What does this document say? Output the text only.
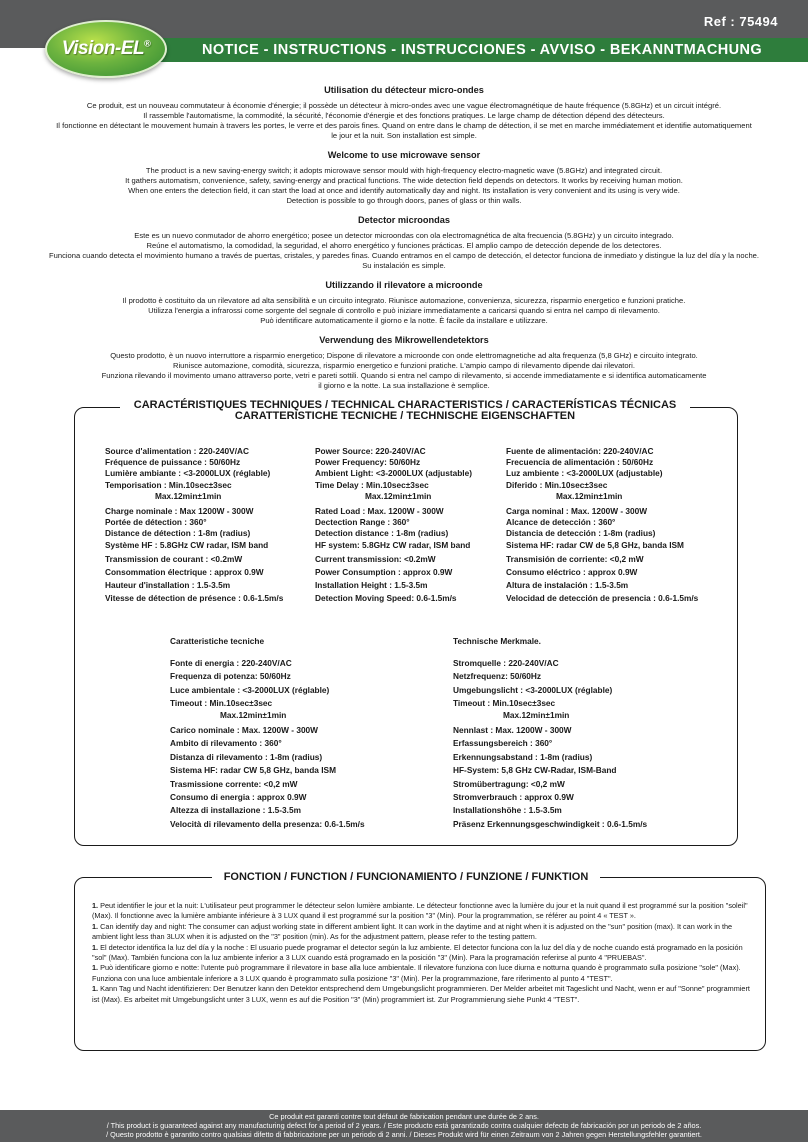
Ref : 75494
NOTICE - INSTRUCTIONS - INSTRUCCIONES - AVVISO - BEKANNTMACHUNG
Vision-EL®
Utilisation du détecteur micro-ondes

Ce produit, est un nouveau commutateur à économie d'énergie; il possède un détecteur à micro-ondes avec une vague électromagnétique de haute fréquence (5.8GHz) et un circuit intégré.

Il rassemble l'automatisme, la commodité, la sécurité, l'économie d'énergie et des fonctions pratiques. Le large champ de détection dépend des détecteurs.

Il fonctionne en détectant le mouvement humain à travers les portes, le verre et des parois fines. Quand on entre dans le champ de détection, il se met en marche immédiatement et identifie automatiquement

le jour et la nuit. Son installation est simple.

Welcome to use microwave sensor

The product is a new saving-energy switch; it adopts microwave sensor mould with high-frequency electro-magnetic wave (5.8GHz) and integrated circuit.

It gathers automatism, convenience, safety, saving-energy and practical functions. The wide detection field depends on detectors. It works by receiving human motion.

When one enters the detection field, it can start the load at once and identify automatically day and night. Its installation is very convenient and its using is very wide.

Detection is possible to go through doors, panes of glass or thin walls.

Detector microondas

Este es un nuevo conmutador de ahorro energético; posee un detector microondas con ola electromagnética de alta frecuencia (5.8GHz) y un circuito integrado.

Reúne el automatismo, la comodidad, la seguridad, el ahorro energético y funciones prácticas. El amplio campo de detección depende de los detectores.

Funciona cuando detecta el movimiento humano a través de puertas, cristales, y paredes finas. Cuando entramos en el campo de detección, el detector funciona de inmediato y distingue la luz del día y la noche.

Su instalación es simple.

Utilizzando il rilevatore a microonde

Il prodotto è costituito da un rilevatore ad alta sensibilità e un circuito integrato. Riunisce automazione, convenienza, sicurezza, risparmio energetico e funzioni pratiche.

Utilizza l'energia a infrarossi come sorgente del segnale di controllo e può iniziare immediatamente a caricarsi quando si entra nel campo di rilevamento.

Può identificare automaticamente il giorno e la notte. È facile da installare e utilizzare.

Verwendung des Mikrowellendetektors

Questo prodotto, è un nuovo interruttore a risparmio energetico; Dispone di rilevatore a microonde con onde elettromagnetiche ad alta frequenza (5,8 GHz) e circuito integrato.

Riunisce automazione, comodità, sicurezza, risparmio energetico e funzioni pratiche. L'ampio campo di rilevamento dipende dai rilevatori.

Funziona rilevando il movimento umano attraverso porte, vetri e pareti sottili. Quando si entra nel campo di rilevamento, si accende immediatamente e si identifica automaticamente

il giorno e la notte. La sua installazione è semplice.

CARACTÉRISTIQUES TECHNIQUES / TECHNICAL CHARACTERISTICS / CARACTERÍSTICAS TÉCNICAS
CARATTERISTICHE TECNICHE / TECHNISCHE EIGENSCHAFTEN
Source d'alimentation : 220-240V/AC
Fréquence de puissance : 50/60Hz
Lumière ambiante : <3-2000LUX (réglable)
Temporisation : Min.10sec±3sec
Max.12min±1min
Charge nominale : Max 1200W - 300W
Portée de détection : 360°
Distance de détection : 1-8m (radius)
Système HF : 5.8GHz CW radar, ISM band
Transmission de courant : <0.2mW
Consommation électrique : approx 0.9W
Hauteur d'installation : 1.5-3.5m
Vitesse de détection de présence : 0.6-1.5m/s
Power Source: 220-240V/AC
Power Frequency: 50/60Hz
Ambient Light: <3-2000LUX (adjustable)
Time Delay : Min.10sec±3sec
Max.12min±1min
Rated Load : Max. 1200W - 300W
Dectection Range : 360°
Detection distance : 1-8m (radius)
HF system: 5.8GHz CW radar, ISM band
Current transmission: <0.2mW
Power Consumption : approx 0.9W
Installation Height : 1.5-3.5m
Detection Moving Speed: 0.6-1.5m/s
Fuente de alimentación: 220-240V/AC
Frecuencia de alimentación : 50/60Hz
Luz ambiente : <3-2000LUX (adjustable)
Diferido : Min.10sec±3sec
Max.12min±1min
Carga nominal : Max. 1200W - 300W
Alcance de detección : 360°
Distancia de detección : 1-8m (radius)
Sistema HF: radar CW de 5,8 GHz, banda ISM
Transmisión de corriente: <0,2 mW
Consumo eléctrico : approx 0.9W
Altura de instalación : 1.5-3.5m
Velocidad de detección de presencia : 0.6-1.5m/s
Caratteristiche tecniche
Fonte di energia : 220-240V/AC
Frequenza di potenza: 50/60Hz
Luce ambientale : <3-2000LUX (réglable)
Timeout : Min.10sec±3sec
Max.12min±1min
Carico nominale : Max. 1200W - 300W
Ambito di rilevamento : 360°
Distanza di rilevamento : 1-8m (radius)
Sistema HF: radar CW 5,8 GHz, banda ISM
Trasmissione corrente: <0,2 mW
Consumo di energia : approx 0.9W
Altezza di installazione : 1.5-3.5m
Velocità di rilevamento della presenza: 0.6-1.5m/s
Technische Merkmale.
Stromquelle : 220-240V/AC
Netzfrequenz: 50/60Hz
Umgebungslicht : <3-2000LUX (réglable)
Timeout : Min.10sec±3sec
Max.12min±1min
Nennlast : Max. 1200W - 300W
Erfassungsbereich : 360°
Erkennungsabstand : 1-8m (radius)
HF-System: 5,8 GHz CW-Radar, ISM-Band
Stromübertragung: <0,2 mW
Stromverbrauch : approx 0.9W
Installationshöhe : 1.5-3.5m
Präsenz Erkennungsgeschwindigkeit : 0.6-1.5m/s
FONCTION / FUNCTION / FUNCIONAMIENTO / FUNZIONE / FUNKTION

1. Peut identifier le jour et la nuit: L'utilisateur peut programmer le détecteur selon lumière ambiante. Le détecteur fonctionne avec la lumière du jour et la nuit quand il est programmé sur la position "soleil" (Max). Il fonctionne avec la lumière ambiante inférieure à 3 LUX quand il est programmé sur la position "3" (Min). Pour la programmation, se référer au point 4 « TEST ».

1. Can identify day and night: The consumer can adjust working state in different ambient light. It can work in the daytime and at night when it is adjusted on the "sun" position (max). It can work in the ambient light less than 3LUX when it is adjusted on the "3" position (min). As for the adjustment pattern, please refer to the testing pattern.

1. El detector identifica la luz del día y la noche : El usuario puede programar el detector según la luz ambiente. El detector funciona con la luz del día y de noche cuando está programado en la posición "sol" (Max). También funciona con la luz ambiente inferior a 3 LUX cuando está programado en la posición "3" (Min). Para la programación referirse al punto 4 "PRUEBAS".

1. Può identificare giorno e notte: l'utente può programmare il rilevatore in base alla luce ambientale. Il rilevatore funziona con luce diurna e notturna quando è programmato sulla posizione "sole" (Max). Funziona con una luce ambientale inferiore a 3 LUX quando è programmato sulla posizione "3" (Min). Per la programmazione, fare riferimento al punto 4 "TEST".

1. Kann Tag und Nacht identifizieren: Der Benutzer kann den Detektor entsprechend dem Umgebungslicht programmieren. Der Melder arbeitet mit Tageslicht und Nacht, wenn er auf "Sonne" programmiert ist (Max). Es arbeitet mit Umgebungslicht unter 3 LUX, wenn es auf die Position "3" (Min) programmiert ist. Zur Programmierung siehe Punkt 4 "TEST".

Ce produit est garanti contre tout défaut de fabrication pendant une durée de 2 ans.
/ This product is guaranteed against any manufacturing defect for a period of 2 years. / Este producto está garantizado contra cualquier defecto de fabricación por un periodo de 2 años.
/ Questo prodotto è garantito contro qualsiasi difetto di fabbricazione per un periodo di 2 anni. / Dieses Produkt wird für einen Zeitraum von 2 Jahren gegen Herstellungsfehler garantiert.
